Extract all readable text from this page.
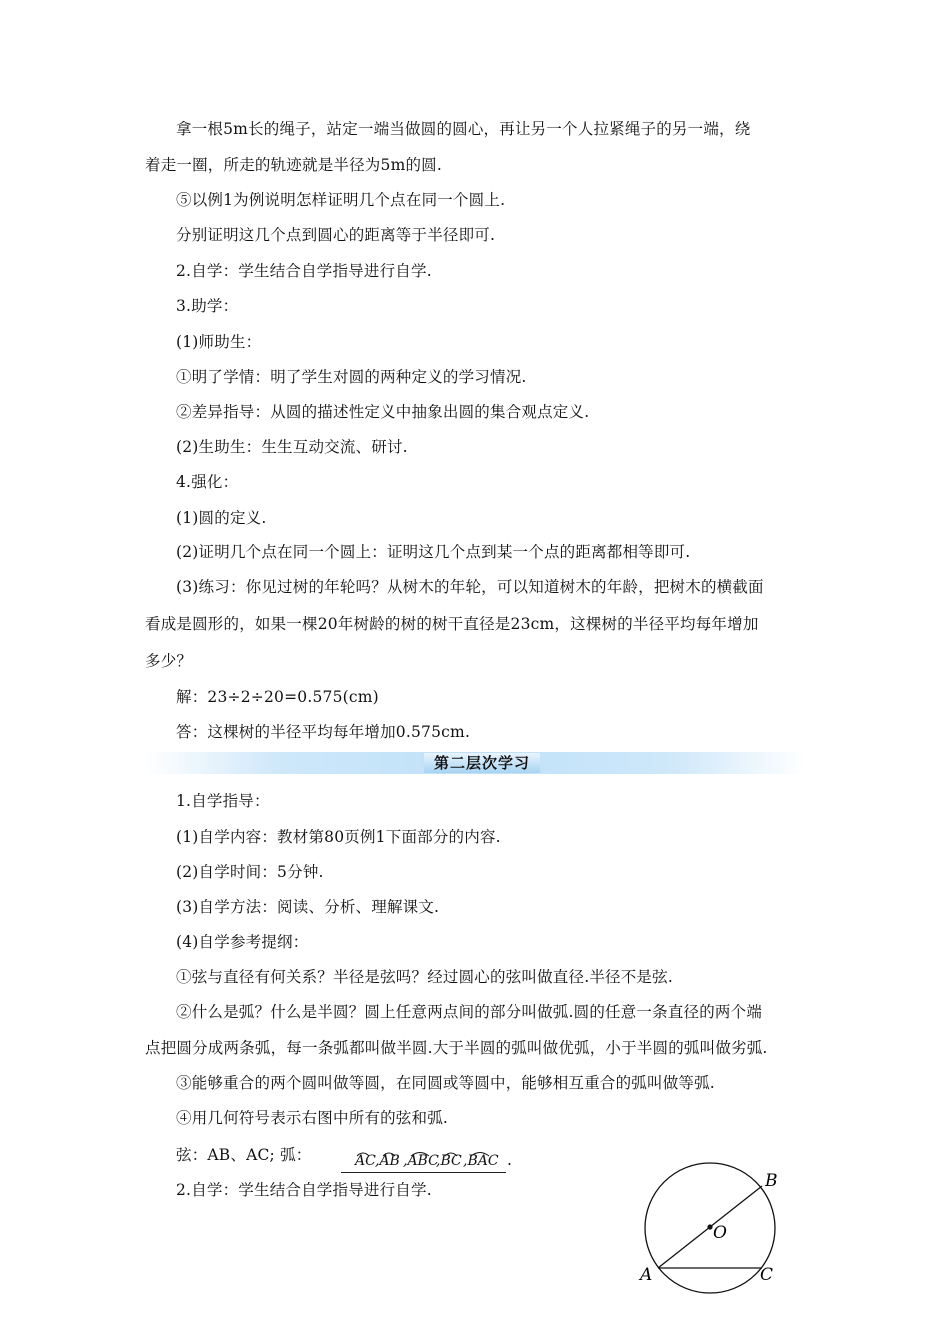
拿一根5m长的绳子，站定一端当做圆的圆心，再让另一个人拉紧绳子的另一端，绕
着走一圈，所走的轨迹就是半径为5m的圆.
⑤以例1为例说明怎样证明几个点在同一个圆上.
分别证明这几个点到圆心的距离等于半径即可.
2.自学：学生结合自学指导进行自学.
3.助学：
(1)师助生：
①明了学情：明了学生对圆的两种定义的学习情况.
②差异指导：从圆的描述性定义中抽象出圆的集合观点定义.
(2)生助生：生生互动交流、研讨.
4.强化：
(1)圆的定义.
(2)证明几个点在同一个圆上：证明这几个点到某一个点的距离都相等即可.
(3)练习：你见过树的年轮吗？从树木的年轮，可以知道树木的年龄，把树木的横截面
看成是圆形的，如果一棵20年树龄的树的树干直径是23cm，这棵树的半径平均每年增加
多少？
解：23÷2÷20=0.575(cm)
答：这棵树的半径平均每年增加0.575cm.
第二层次学习
1.自学指导：
(1)自学内容：教材第80页例1下面部分的内容.
(2)自学时间：5分钟.
(3)自学方法：阅读、分析、理解课文.
(4)自学参考提纲：
①弦与直径有何关系？半径是弦吗？经过圆心的弦叫做直径.半径不是弦.
②什么是弧？什么是半圆？圆上任意两点间的部分叫做弧.圆的任意一条直径的两个端
点把圆分成两条弧，每一条弧都叫做半圆.大于半圆的弧叫做优弧，小于半圆的弧叫做劣弧.
③能够重合的两个圆叫做等圆，在同圆或等圆中，能够相互重合的弧叫做等弧.
④用几何符号表示右图中所有的弦和弧.
弦：AB、AC; 弧：	AC ,AB ,ABC
,BC ,BAC .
2.自学：学生结合自学指导进行自学.	B
O
A	C
